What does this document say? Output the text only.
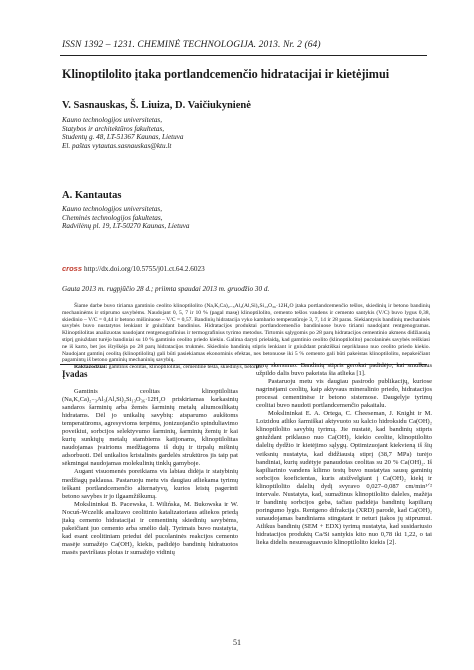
ISSN 1392 – 1231. CHEMINĖ TECHNOLOGIJA. 2013. Nr. 2 (64)
Klinoptilolito įtaka portlandcemenčio hidratacijai ir kietėjimui
V. Sasnauskas, Š. Liuiza, D. Vaičiukynienė
Kauno technologijos universitetas,
Statybos ir architektūros fakultetas,
Studentų g. 48, LT-51367 Kaunas, Lietuva
El. paštas vytautas.sasnauskas@ktu.lt
A. Kantautas
Kauno technologijos universitetas,
Cheminės technologijos fakultetas,
Radvilėnų pl. 19, LT-50270 Kaunas, Lietuva
cross http://dx.doi.org/10.5755/j01.ct.64.2.6023
Gauta 2013 m. rugpjūčio 28 d.; priimta spaudai 2013 m. gruodžio 30 d.

Šiame darbe buvo tiriama gamtinio ceolito klinoptilolito (Na,K,Ca)₂₋₃Al₃(Al,Si)₂Si₁₃O₃₆·12H₂O įtaka portlandcemenčio tešlos, skiedinių ir betono bandinių mechaninėms ir stiprumo savybėms. Naudojant 0, 5, 7 ir 10 % (pagal masę) klinoptilolito, cemento tešlos vandens ir cemento santykis (V/C) buvo lygus 0,38, skiedinio – V/C = 0,44 ir betono mišiniuose – V/C = 0,57. Bandinių hidratacija vyko kambario temperatūroje 3, 7, 14 ir 28 paras. Siekiantysis bandinių mechaninės savybės buvo nustatytos lenkiant ir gniuždant bandinius. Hidratacijos produktai portlandcemenčio bandiniuose buvo tiriami naudojant rentgenogramas. Klinoptilolitas analizuotas naudojant rentgenografinius ir termografinius tyrimo metodus. Tirtomis sąlygomis po 28 parų hidratacijos cementinio akmens didžiausią stiprį gniuždant turėjo bandiniai su 10 % gamtinio ceolito priedo kiekiu. Galima daryti prielaidą, kad gamtinio ceolito (klinoptilolito) pucolaninės savybės reiškiasi ne iš karto, bet jos išryškėja po 28 parų hidratacijos trukmės. Skiedinio bandinių stipris lenkiant ir gniuždant praktiškai nepriklauso nuo ceolito priedo kiekio. Naudojant gamtinį ceolitą (klinoptilolitą) gali būti pasiekiamas ekonominis efektas, nes betonuose iki 5 % cemento gali būti pakeistas klinoptilolitu, nepakeičiant pagamintų iš betono gaminių mechaninių savybių.

Raktažodžiai: gamtinis ceolitas, klinoptilolitas, cementinė tešla, skiedinys, betonas.

Įvadas

Gamtinis ceolitas klinoptilolitas (Na,K,Ca)₂₋₃Al₃(Al,Si)₂Si₁₃O₃₆·12H₂O priskiriamas karkasinių sandaros šarminių arba žemės šarminių metalų aliumosilikatų hidratams. Dėl jo unikalių savybių: atsparumo aukštoms temperatūroms, agresyvioms terpėms, jonizuojančio spinduliavimo poveikiui, sorbcijos selektyvumo šarminių, šarminių žemių ir kai kurių sunkiųjų metalų stambiems katijonams, klinoptilolitas naudojamas įvairioms medžiagoms iš dujų ir tirpalų mišinių adsorbuoti. Dėl unikalios kristalinės gardelės struktūros jis taip pat sėkmingai naudojamas molekulinių tinklų gamyboje.

Augant visuomenės poreikiams vis labiau didėja ir statybinių medžiagų paklausa. Pastaruoju metu vis daugiau atliekama tyrimų ieškant portlandcemenčio alternatyvų, kurios leistų pagerinti betono savybes ir jo ilgaamžiškumą.

Mokslininkai B. Pacewska, I. Wilińska, M. Bukowska ir W. Nocuń-Wczelik analizavo ceolitinio katalizatoriaus atliekos priedą įtaką cemento hidratacijai ir cementinių skiedinių savybėms, pakeičiant juo cemento arba smėlio dalį. Tyrimais buvo nustatyta, kad esant ceolitiniam priedui dėl pucolaninės reakcijos cemento masėje sumažėjo Ca(OH)₂ kiekis, padidėjo bandinių hidratuotos masės paviršiaus plotas ir sumažėjo vidinių

porų skersmuo. Bandinių stipris gerokai padidėjo, kai smulkaus užpildo dalis buvo pakeista šia atlieka [1].

Pastaruoju metu vis daugiau pasirodo publikacijų, kuriose nagrinėjami ceolitų, kaip aktyvaus mineralinio priedo, hidratacijos procesai cementinėse ir betono sistemose. Daugelyje tyrimų ceolitai buvo naudoti portlandcemenčio pakaitalu.

Mokslininkai E. A. Ortega, C. Cheeseman, J. Knight ir M. Loizidou atliko šarmiškai aktyvuoto su kalcio hidroksidu Ca(OH)₂ klinoptilolito savybių tyrimą. Jie nustatė, kad bandinių stipris gniuždant priklauso nuo Ca(OH)₂ kiekio ceolite, klinoptilolito dalelių dydžio ir kietėjimo sąlygų. Optimizuojant kiekvieną iš šių veiksnių nustatyta, kad didžiausią stiprį (38,7 MPa) turėjo bandiniai, kurių sudėtyje panaudotas ceolitas su 20 % Ca(OH)₂. Iš kapiliarinio vandens kilimo testų buvo nustatytas sausų gaminių sorbcijos koeficientas, kuris atsižvelgiant į Ca(OH)₂ kiekį ir klinoptilolito dalelių dydį svyravo 0,027–0,087 cm/min¹ᐟ² intervale. Nustatyta, kad, sumažinus klinoptilolito daleles, mažėja ir bandinių sorbcijos geba, tačiau padidėja bandinių kapiliarų poringumo lygis. Rentgeno difrakcija (XRD) parodė, kad Ca(OH)₂ sunaudojamas bandiniams stingstant ir neturi įtakos jų stiprumui. Atlikus bandinių (SEM + EDX) tyrimą nustatyta, kad susidariusio hidratacijos produktų Ca/Si santykis kito nuo 0,78 iki 1,22, o tai lieka didelis nesureaguavusio klinoptilolito kiekis [2].

51
